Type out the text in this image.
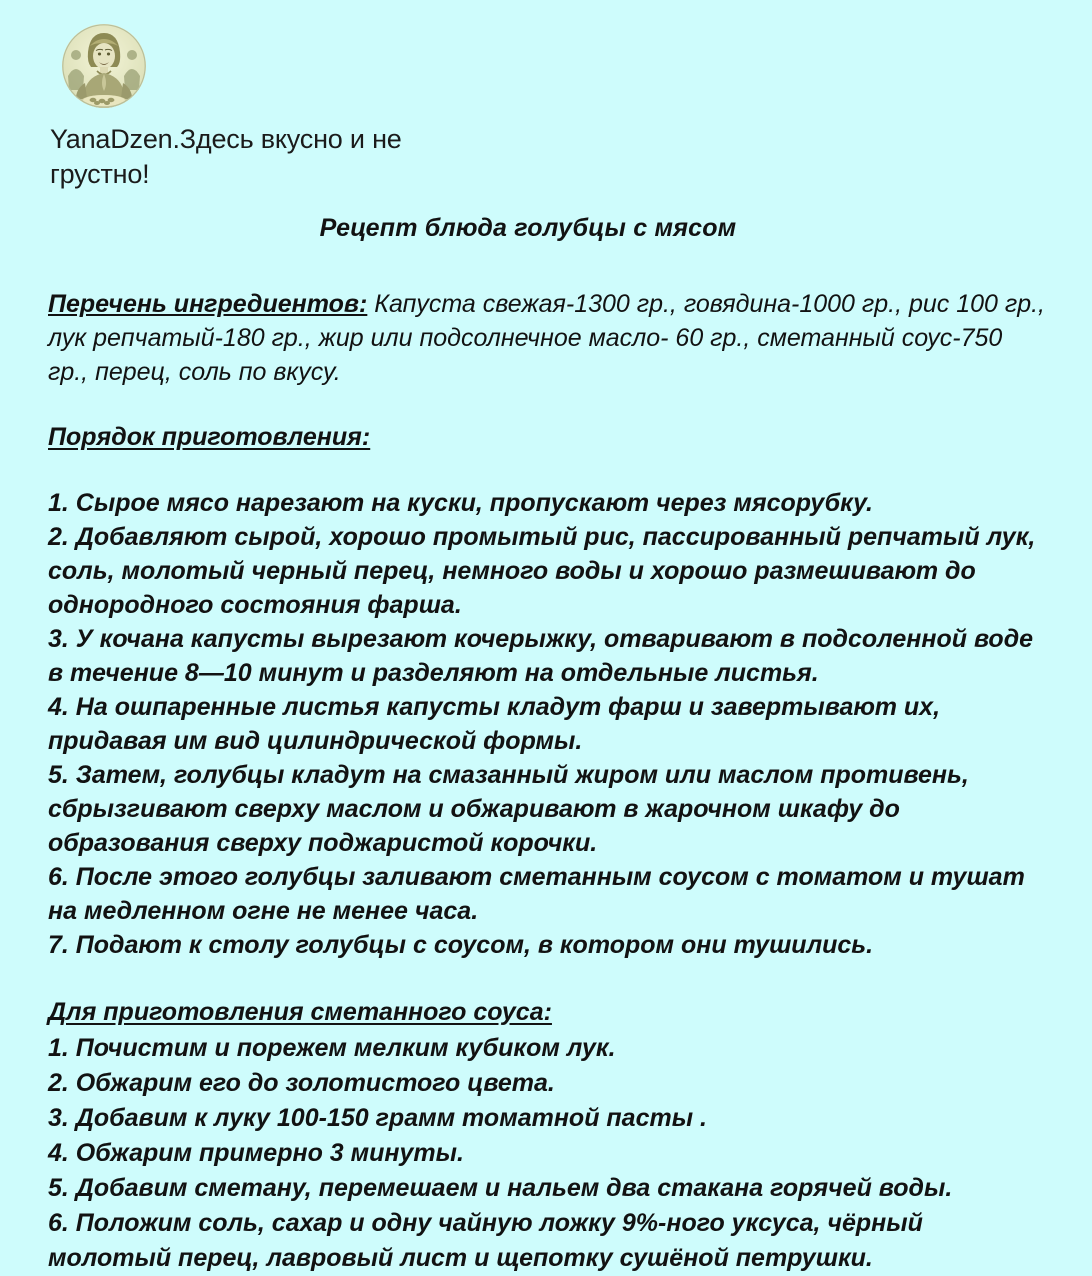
YanaDzen.Здесь вкусно и не грустно!
Рецепт блюда голубцы с мясом

Перечень ингредиентов: Капуста свежая-1300 гр., говядина-1000 гр., рис 100 гр., лук репчатый-180 гр., жир или подсолнечное масло- 60 гр., сметанный соус-750 гр., перец, соль по вкусу.

Порядок приготовления:

1. Сырое мясо нарезают на куски, пропускают через мясорубку.
2. Добавляют сырой, хорошо промытый рис, пассированный репчатый лук, соль, молотый черный перец, немного воды и хорошо размешивают до однородного состояния фарша.
3. У кочана капусты вырезают кочерыжку, отваривают в подсоленной воде в течение 8—10 минут и разделяют на отдельные листья.
4. На ошпаренные листья капусты кладут фарш и завертывают их, придавая им вид цилиндрической формы.
5. Затем, голубцы кладут на смазанный жиром или маслом противень, сбрызгивают сверху маслом и обжаривают в жарочном шкафу до образования сверху поджаристой корочки.
6. После этого голубцы заливают сметанным соусом с томатом и тушат на медленном огне не менее часа.
7. Подают к столу голубцы с соусом, в котором они тушились.

Для приготовления сметанного соуса:

1. Почистим и порежем мелким кубиком лук.
2. Обжарим его до золотистого цвета.
3. Добавим к луку 100-150 грамм томатной пасты .
4. Обжарим примерно 3 минуты.
5. Добавим сметану, перемешаем и нальем два стакана горячей воды.
6. Положим соль, сахар и одну чайную ложку 9%-ного уксуса, чёрный молотый перец, лавровый лист и щепотку сушёной петрушки.
